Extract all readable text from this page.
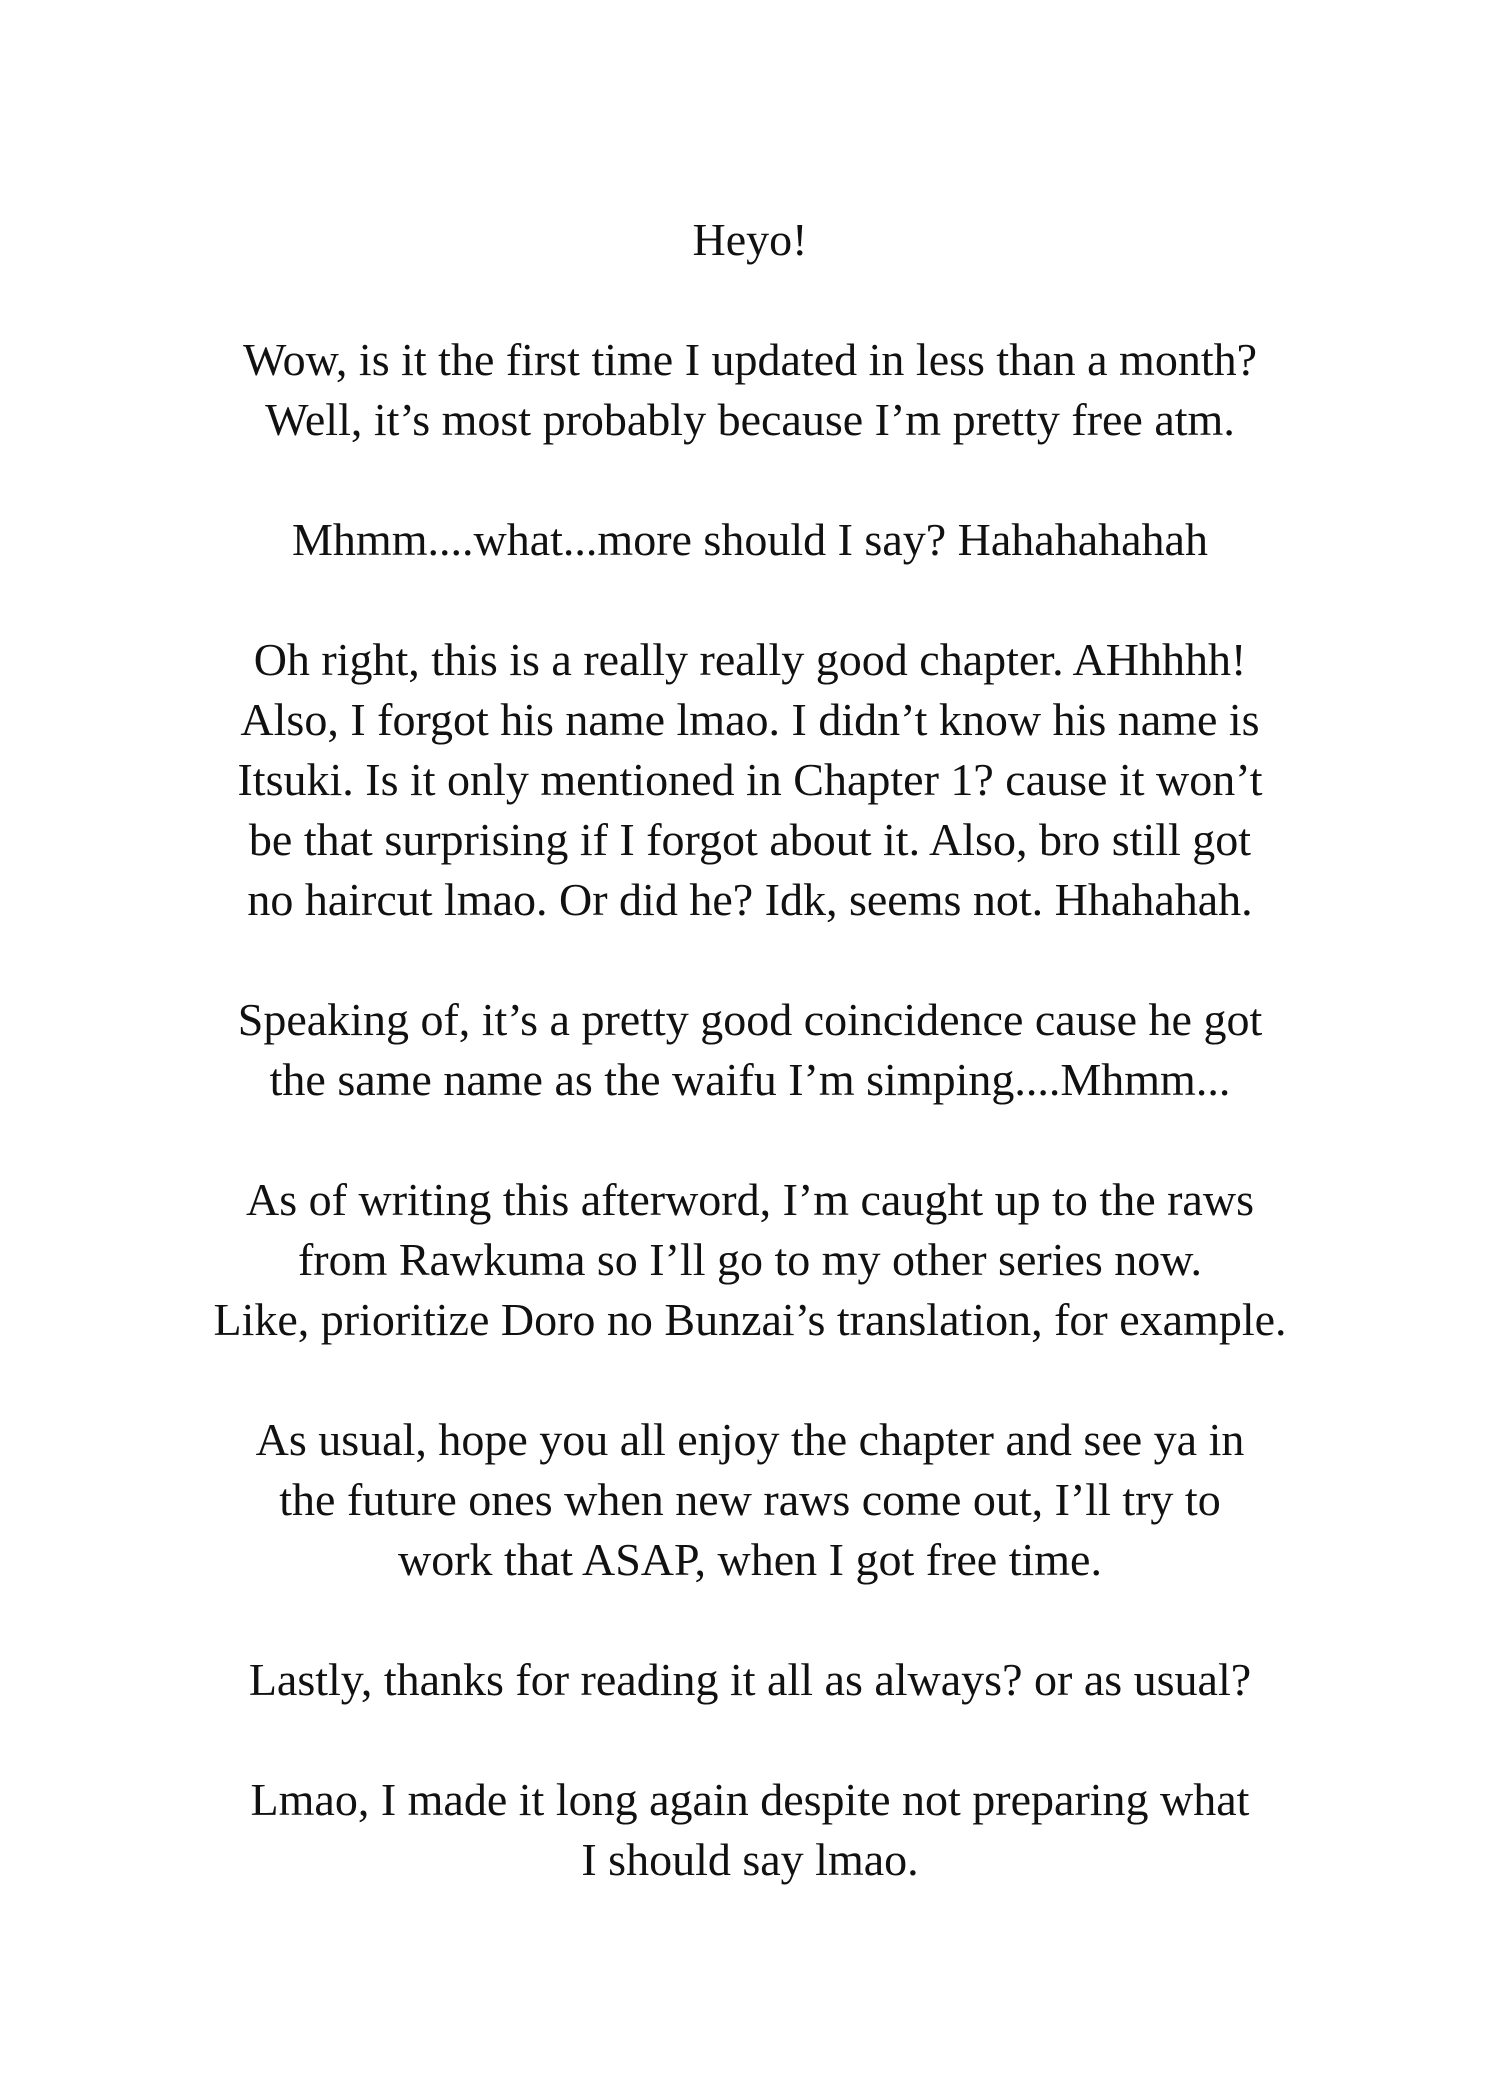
Heyo!
Wow, is it the first time I updated in less than a month?
Well, it’s most probably because I’m pretty free atm.
Mhmm....what...more should I say? Hahahahahah
Oh right, this is a really really good chapter. AHhhhh!
Also, I forgot his name lmao. I didn’t know his name is
Itsuki. Is it only mentioned in Chapter 1? cause it won’t
be that surprising if I forgot about it. Also, bro still got
no haircut lmao. Or did he? Idk, seems not. Hhahahah.
Speaking of, it’s a pretty good coincidence cause he got
the same name as the waifu I’m simping....Mhmm...
As of writing this afterword, I’m caught up to the raws
from Rawkuma so I’ll go to my other series now.
Like, prioritize Doro no Bunzai’s translation, for example.
As usual, hope you all enjoy the chapter and see ya in
the future ones when new raws come out, I’ll try to
work that ASAP, when I got free time.
Lastly, thanks for reading it all as always? or as usual?
Lmao, I made it long again despite not preparing what
I should say lmao.
